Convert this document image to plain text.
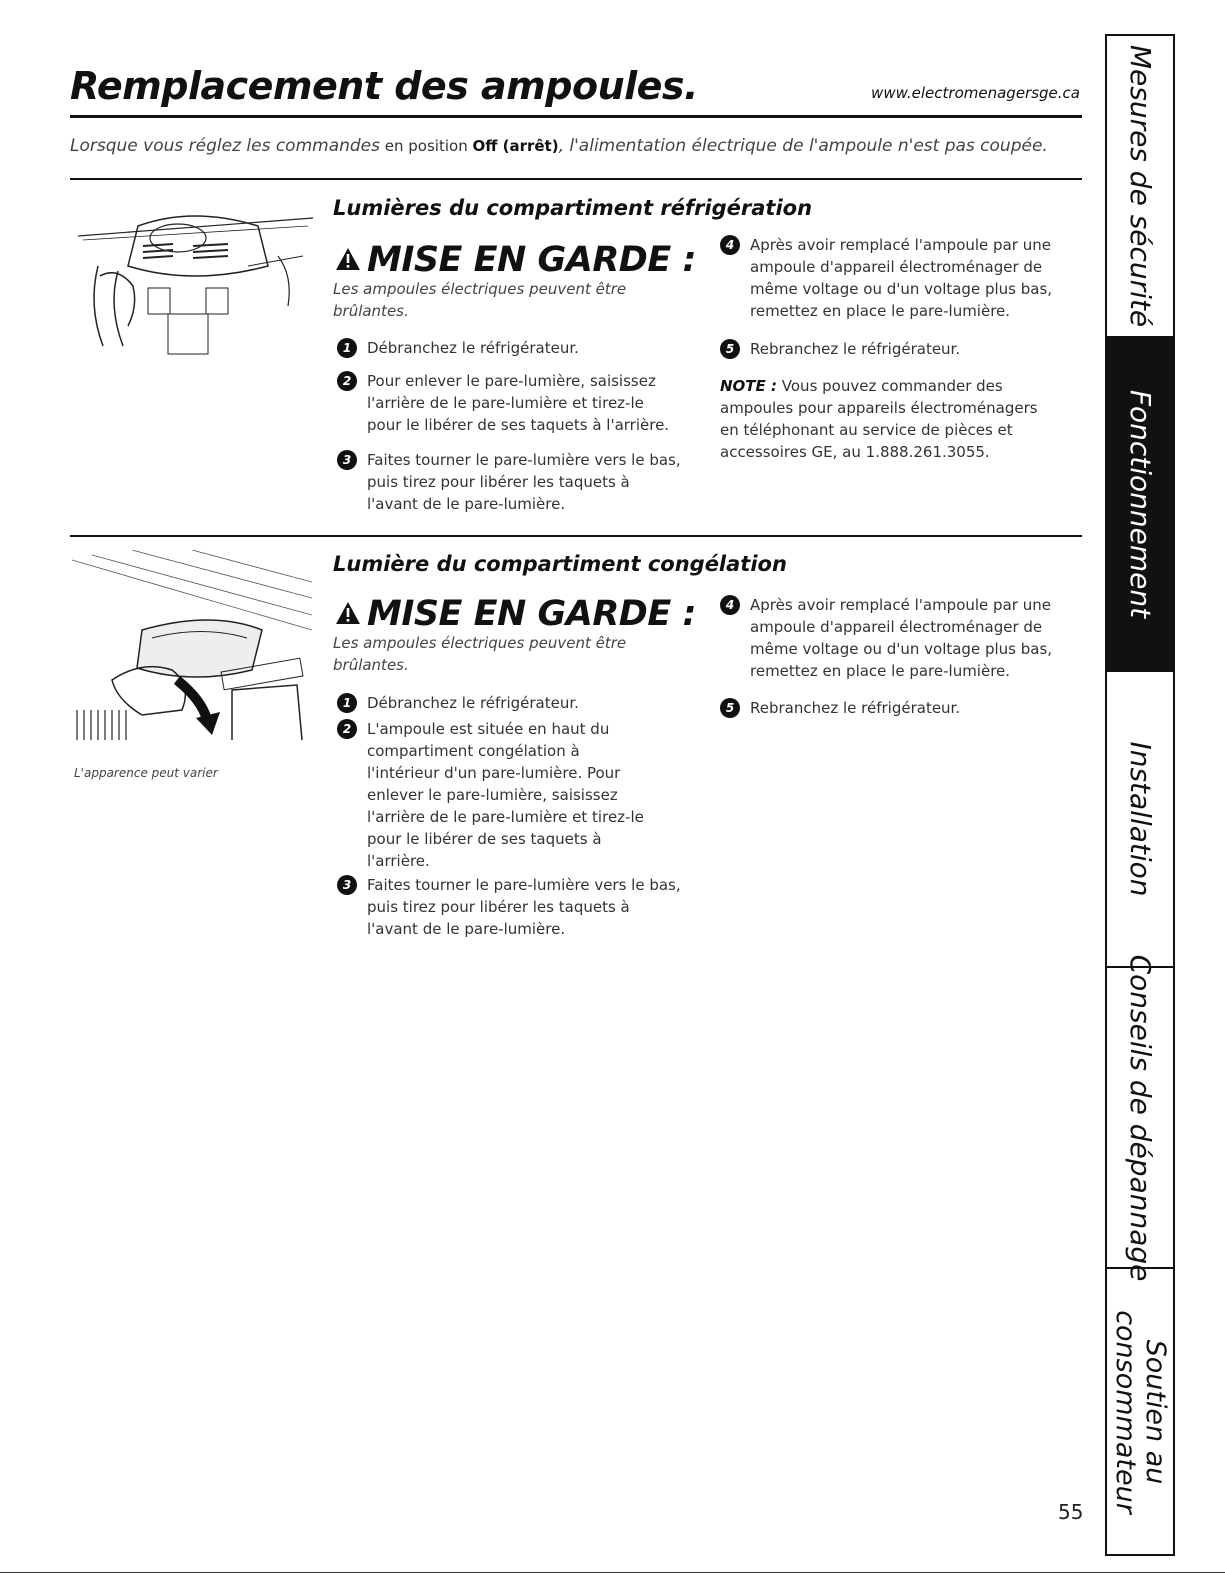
Remplacement des ampoules.	www.electromenagersge.ca
Lorsque vous réglez les commandes en position Off (arrêt), l'alimentation électrique de l'ampoule n'est pas coupée.
Lumières du compartiment réfrigération
MISE EN GARDE :
Les ampoules électriques peuvent être brûlantes.
1	Débranchez le réfrigérateur.
2	Pour enlever le pare-lumière, saisissez l'arrière de le pare-lumière et tirez-le pour le libérer de ses taquets à l'arrière.
3	Faites tourner le pare-lumière vers le bas, puis tirez pour libérer les taquets à l'avant de le pare-lumière.
4	Après avoir remplacé l'ampoule par une ampoule d'appareil électroménager de même voltage ou d'un voltage plus bas, remettez en place le pare-lumière.
5	Rebranchez le réfrigérateur.
NOTE : Vous pouvez commander des ampoules pour appareils électroménagers en téléphonant au service de pièces et accessoires GE, au 1.888.261.3055.
L'apparence peut varier
Lumière du compartiment congélation
MISE EN GARDE :
Les ampoules électriques peuvent être brûlantes.
1	Débranchez le réfrigérateur.
2	L'ampoule est située en haut du compartiment congélation à l'intérieur d'un pare-lumière. Pour enlever le pare-lumière, saisissez l'arrière de le pare-lumière et tirez-le pour le libérer de ses taquets à l'arrière.
3	Faites tourner le pare-lumière vers le bas, puis tirez pour libérer les taquets à l'avant de le pare-lumière.
4	Après avoir remplacé l'ampoule par une ampoule d'appareil électroménager de même voltage ou d'un voltage plus bas, remettez en place le pare-lumière.
5	Rebranchez le réfrigérateur.
Mesures de sécurité
Fonctionnement
Installation
Conseils de dépannage
Soutien au consommateur
55
